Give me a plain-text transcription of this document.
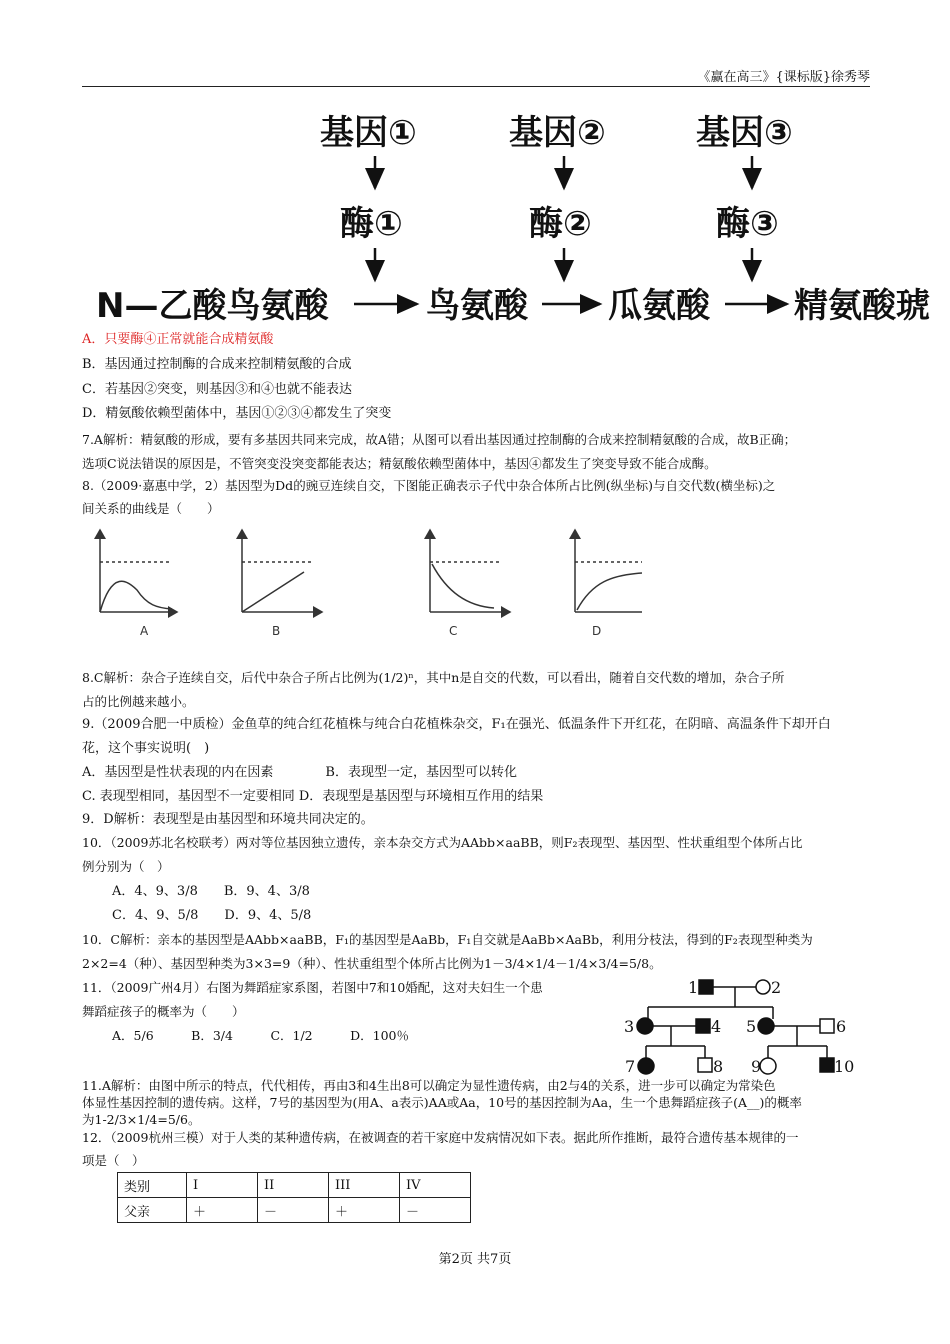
《赢在高三》{课标版}徐秀琴
基因①	基因②	基因③
酶①	酶②	酶③
N—乙酸鸟氨酸	鸟氨酸 瓜氨酸 精氨酸琥
A．只要酶④正常就能合成精氨酸
B．基因通过控制酶的合成来控制精氨酸的合成
C．若基因②突变，则基因③和④也就不能表达
D．精氨酸依赖型菌体中，基因①②③④都发生了突变
7.A解析：精氨酸的形成，要有多基因共同来完成，故A错；从图可以看出基因通过控制酶的合成来控制精氨酸的合成，故B正确；
选项C说法错误的原因是，不管突变没突变都能表达；精氨酸依赖型菌体中，基因④都发生了突变导致不能合成酶。
8.（2009·嘉惠中学，2）基因型为Dd的豌豆连续自交，下图能正确表示子代中杂合体所占比例(纵坐标)与自交代数(横坐标)之
间关系的曲线是（　　）
A	B	C	D
8.C解析：杂合子连续自交，后代中杂合子所占比例为(1/2)ⁿ，其中n是自交的代数，可以看出，随着自交代数的增加，杂合子所
占的比例越来越小。
9.（2009合肥一中质检）金鱼草的纯合红花植株与纯合白花植株杂交，F₁在强光、低温条件下开红花，在阴暗、高温条件下却开白
花，这个事实说明(　)
A．基因型是性状表现的内在因素　　　　B．表现型一定，基因型可以转化
C. 表现型相同，基因型不一定要相同 D．表现型是基因型与环境相互作用的结果
9．D解析：表现型是由基因型和环境共同决定的。
10．（2009苏北名校联考）两对等位基因独立遗传，亲本杂交方式为AAbb×aaBB，则F₂表现型、基因型、性状重组型个体所占比
例分别为（　）
A．4、9、3/8　　B．9、4、3/8
C．4、9、5/8　　D．9、4、5/8
10．C解析：亲本的基因型是AAbb×aaBB，F₁的基因型是AaBb，F₁自交就是AaBb×AaBb，利用分枝法，得到的F₂表现型种类为
2×2=4（种）、基因型种类为3×3=9（种）、性状重组型个体所占比例为1－3/4×1/4－1/4×3/4=5/8。
11．（2009广州4月）右图为舞蹈症家系图，若图中7和10婚配，这对夫妇生一个患
舞蹈症孩子的概率为（　　）
A．5/6　　　B．3/4　　　C．1/2　　　D．100％
1	2
3	4 5	6
7	8 9	10
11.A解析：由图中所示的特点，代代相传，再由3和4生出8可以确定为显性遗传病，由2与4的关系，进一步可以确定为常染色
体显性基因控制的遗传病。这样，7号的基因型为(用A、a表示)AA或Aa，10号的基因控制为Aa，生一个患舞蹈症孩子(A__)的概率
为1-2/3×1/4=5/6。
12．（2009杭州三模）对于人类的某种遗传病，在被调查的若干家庭中发病情况如下表。据此所作推断，最符合遗传基本规律的一
项是（　）
类别	I	II	III	IV
父亲	＋	－	＋	－
第2页 共7页
